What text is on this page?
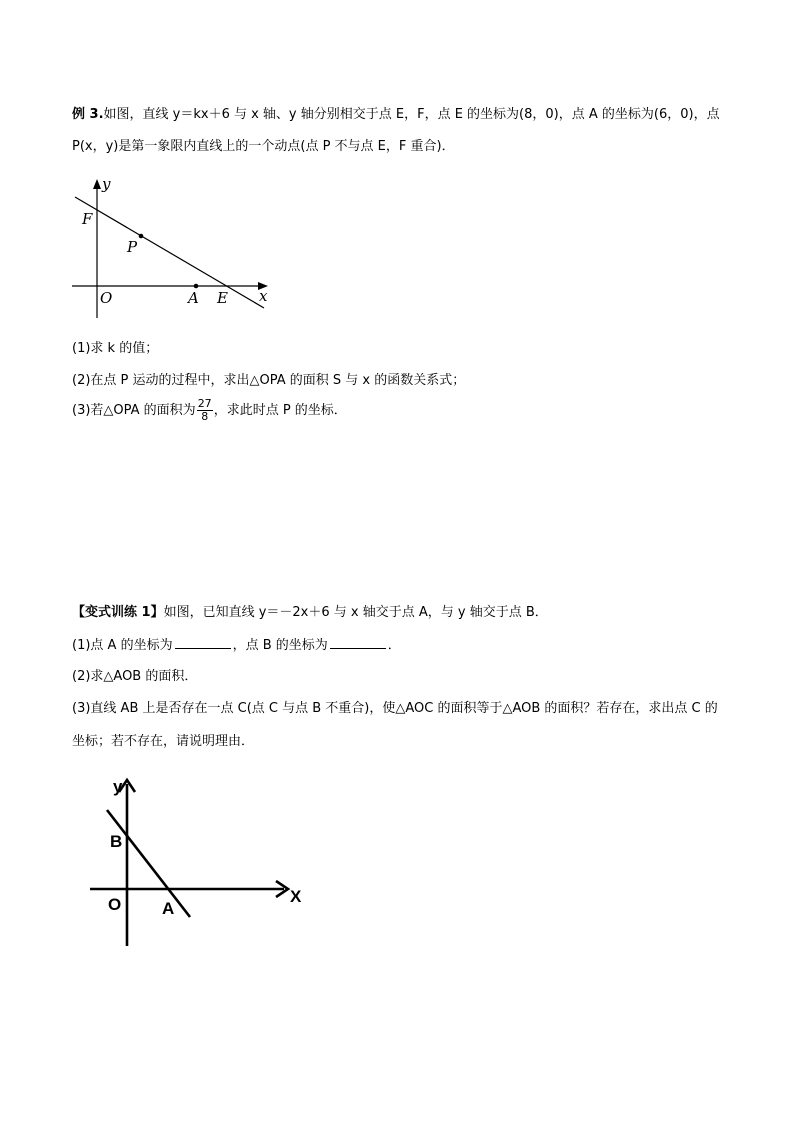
例 3.如图，直线 y＝kx＋6 与 x 轴、y 轴分别相交于点 E，F，点 E 的坐标为(8，0)，点 A 的坐标为(6，0)，点
P(x，y)是第一象限内直线上的一个动点(点 P 不与点 E，F 重合)．
y
F
P
O	A E x
(1)求 k 的值；
(2)在点 P 运动的过程中，求出△OPA 的面积 S 与 x 的函数关系式；
(3)若△OPA 的面积为 $\frac{27}{8}$ ，求此时点 P 的坐标．
【变式训练 1】如图，已知直线 y＝－2x＋6 与 x 轴交于点 A，与 y 轴交于点 B．
(1)点 A 的坐标为	，点 B 的坐标为	．
(2)求△AOB 的面积．
(3)直线 AB 上是否存在一点 C(点 C 与点 B 不重合)，使△AOC 的面积等于△AOB 的面积？若存在，求出点 C 的
坐标；若不存在，请说明理由．
y
B
O A
X
